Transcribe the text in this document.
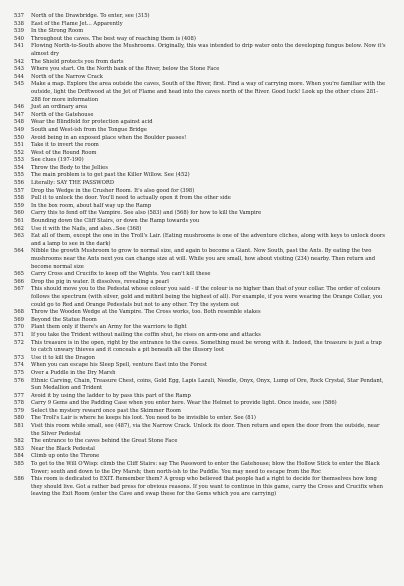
537	North of the Drawbridge. To enter, see (315)
538	East of the Flame Jet... Apparently
539	In the Strong Room
540	Throughout the caves. The best way of reaching them is (408)
541	Flowing North-to-South above the Mushrooms. Originally, this was intended to drip water onto the developing fungus below. Now it's almost dry
542	The Shield protects you from darts
543	Where you start. On the North bank of the River, below the Stone Face
544	North of the Narrow Crack
545	Make a map. Explore the area outside the caves, South of the River, first. Find a way of carrying more. When you're familiar with the outside, light the Driftwood at the Jet of Flame and head into the caves north of the River. Good luck! Look up the other clues 281-288 for more information
546	Just an ordinary area
547	North of the Gatehouse
548	Wear the Blindfold for protection against acid
549	South and West-ish from the Tongue Bridge
550	Avoid being in an exposed place when the Boulder passes!
551	Take it to invert the room
552	West of the Round Room
553	See clues (197-190)
554	Throw the Body to the Jellies
555	The main problem is to get past the Killer Willow. See (452)
556	Literally: SAY THE PASSWORD
557	Drop the Wedge in the Crusher Room. It's also good for (398)
558	Pull it to unlock the door. You'll need to actually open it from the other side
559	In the box room, about half way up the Ramp
560	Carry this to fend off the Vampire. See also (583) and (568) for how to kill the Vampire
561	Bounding down the Cliff Stairs, or down the Ramp towards you
562	Use it with the Nails, and also...See (368)
563	Eat all of them, except the one in the Troll's Lair. (Eating mushrooms is one of the adventure cliches, along with keys to unlock doors and a lamp to see in the dark)
564	Nibble the growth Mushroom to grow to normal size, and again to become a Giant. Now South, past the Ants. By eating the two mushrooms near the Ants next you can change size at will. While you are small, how about visiting (234) nearby. Then return and become normal size
565	Carry Cross and Crucifix to keep off the Wights. You can't kill these
566	Drop the pig in water. It dissolves, revealing a pearl
567	This should move you to the Pedestal whose colour you said - if the colour is no higher than that of your collar. The order of colours follows the spectrum (with silver, gold and mithril being the highest of all). For example, if you were wearing the Orange Collar, you could go to Red and Orange Pedestals but not to any other. Try the system out
568	Throw the Wooden Wedge at the Vampire. The Cross works, too. Both resemble stakes
569	Beyond the Statue Room
570	Plant them only if there's an Army for the warriors to fight
571	If you take the Trident without nailing the coffin shut, he rises on arm-one and attacks
572	This treasure is in the open, right by the entrance to the caves. Something must be wrong with it. Indeed, the treasure is just a trap to catch unwary thieves and it conceals a pit beneath all the illusory loot
573	Use it to kill the Dragon
574	When you can escape his Sleep Spell, venture East into the Forest
575	Over a Puddle in the Dry Marsh
576	Ethnic Carving, Chain, Treasure Chest, coins, Gold Egg, Lapis Lazuli, Needle, Onyx, Onyx, Lump of Ore, Rock Crystal, Star Pendant, Sun Medallion and Trident
577	Avoid it by using the ladder to by pass this part of the Ramp
578	Carry 9 Gems and the Padding Case when you enter here. Wear the Helmet to provide light. Once inside, see (586)
579	Select the mystery reward once past the Skimmer Room
580	The Troll's Lair is where he keeps his loot. You need to be invisible to enter. See (81)
581	Visit this room while small, see (487), via the Narrow Crack. Unlock its door. Then return and open the door from the outside, near the Silver Pedestal
582	The entrance to the caves behind the Great Stone Face
583	Near the Black Pedestal
584	Climb up onto the Throne
585	To get to the Will O'Wisp: climb the Cliff Stairs: say The Password to enter the Gatehouse; blow the Hollow Stick to enter the Black Tower; south and down to the Dry Marsh; then north-ish to the Puddle. You may need to escape from the Roc
586	This room is dedicated to EXIT. Remember them? A group who believed that people had a right to decide for themselves how long they should live. Got a rather bad press for obvious reasons. If you want to continue in this game, carry the Cross and Crucifix when leaving the Exit Room (enter the Cave and swap these for the Gems which you are carrying)
